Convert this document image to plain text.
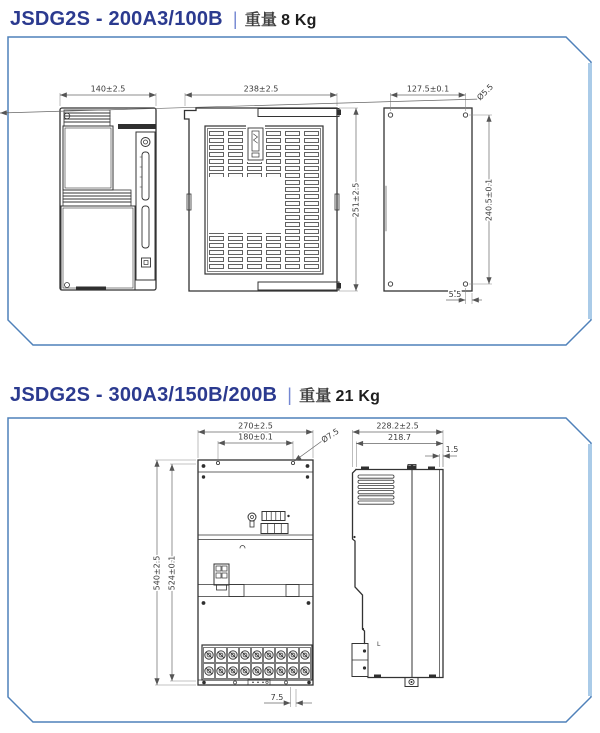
JSDG2S - 200A3/100B | 重量 8 Kg
140±2.5	238±2.5
251±2.5
127.5±0.1	Ø5.5
240.5±0.1
5.5
JSDG2S - 300A3/150B/200B | 重量 21 Kg
270±2.5
180±0.1	Ø7.5
540±2.5 524±0.1
7.5
L
228.2±2.5
218.7
1.5
